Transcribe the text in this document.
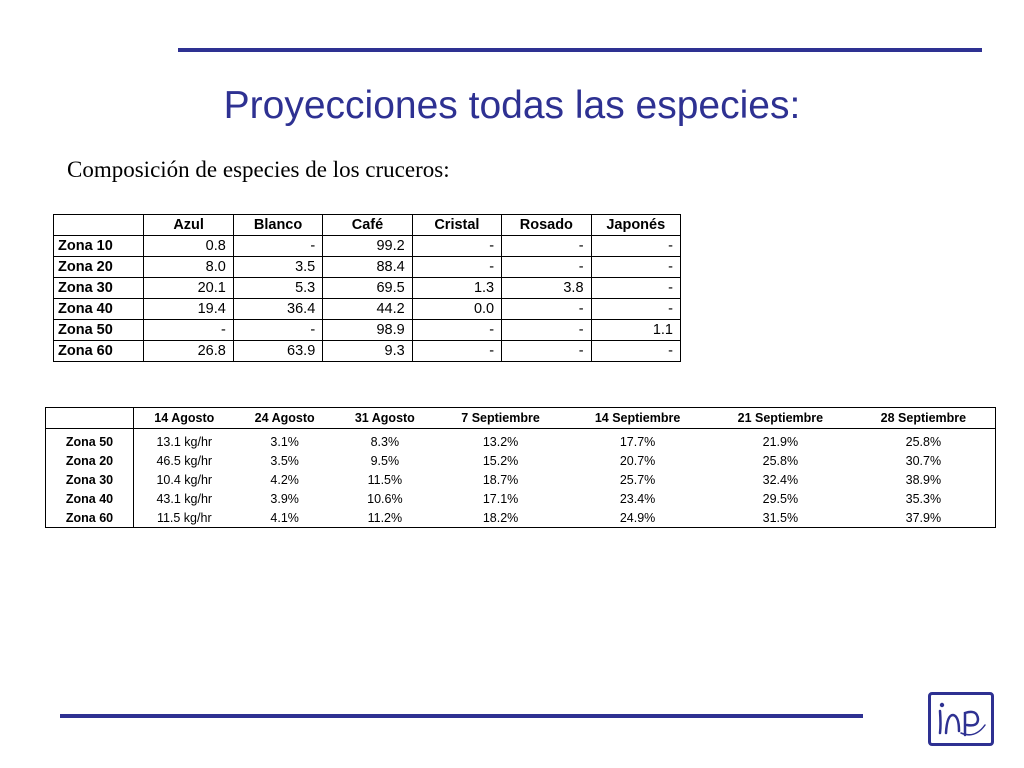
Proyecciones todas las especies:
Composición de especies de los cruceros:
	Azul	Blanco	Café	Cristal	Rosado	Japonés
Zona 10	0.8	-	99.2	-	-	-
Zona 20	8.0	3.5	88.4	-	-	-
Zona 30	20.1	5.3	69.5	1.3	3.8	-
Zona 40	19.4	36.4	44.2	0.0	-	-
Zona 50	-	-	98.9	-	-	1.1
Zona 60	26.8	63.9	9.3	-	-	-
	14 Agosto	24 Agosto	31 Agosto	7 Septiembre	14 Septiembre	21 Septiembre	28 Septiembre
Zona 50	13.1 kg/hr	3.1%	8.3%	13.2%	17.7%	21.9%	25.8%
Zona 20	46.5 kg/hr	3.5%	9.5%	15.2%	20.7%	25.8%	30.7%
Zona 30	10.4 kg/hr	4.2%	11.5%	18.7%	25.7%	32.4%	38.9%
Zona 40	43.1 kg/hr	3.9%	10.6%	17.1%	23.4%	29.5%	35.3%
Zona 60	11.5 kg/hr	4.1%	11.2%	18.2%	24.9%	31.5%	37.9%
